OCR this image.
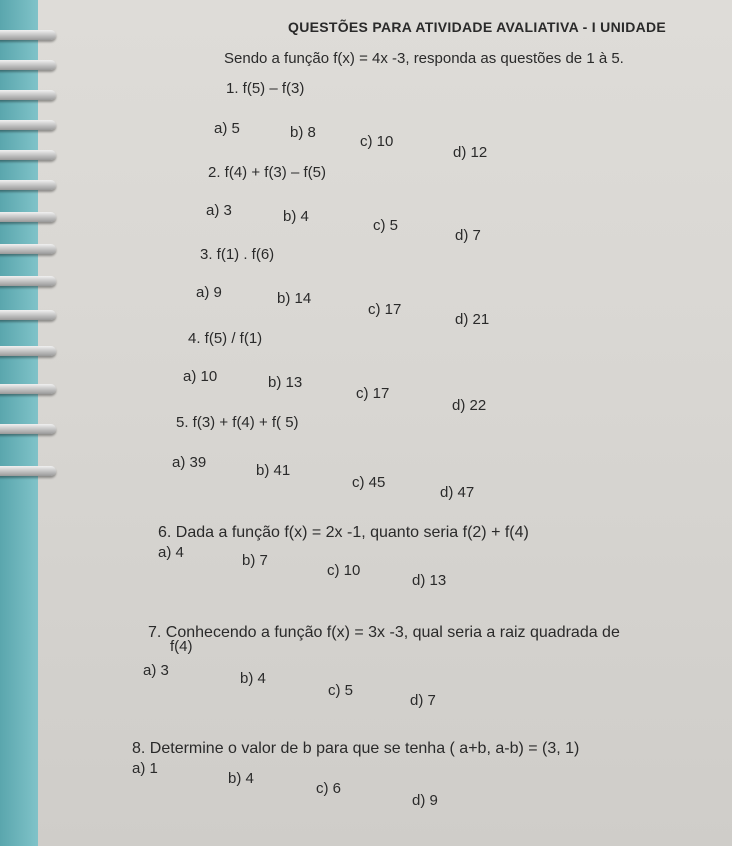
QUESTÕES PARA ATIVIDADE AVALIATIVA - I UNIDADE
Sendo a função f(x) = 4x -3, responda as questões de 1 à 5.
1. f(5) – f(3)
a) 5	b) 8
c) 10
d) 12
2. f(4) + f(3) – f(5)
a) 3	b) 4
c) 5
d) 7
3. f(1) . f(6)
a) 9	b) 14
c) 17
d) 21
4. f(5) / f(1)
a) 10	b) 13
c) 17
d) 22
5. f(3) + f(4) + f( 5)
a) 39	b) 41
c) 45
d) 47
6. Dada a função f(x) = 2x -1, quanto seria f(2) + f(4)
a) 4	b) 7
c) 10
d) 13
7. Conhecendo a função f(x) = 3x -3, qual seria a raiz quadrada de
f(4)
a) 3	b) 4
c) 5
d) 7
8. Determine o valor de b para que se tenha ( a+b, a-b) = (3, 1)
a) 1
b) 4
c) 6
d) 9
